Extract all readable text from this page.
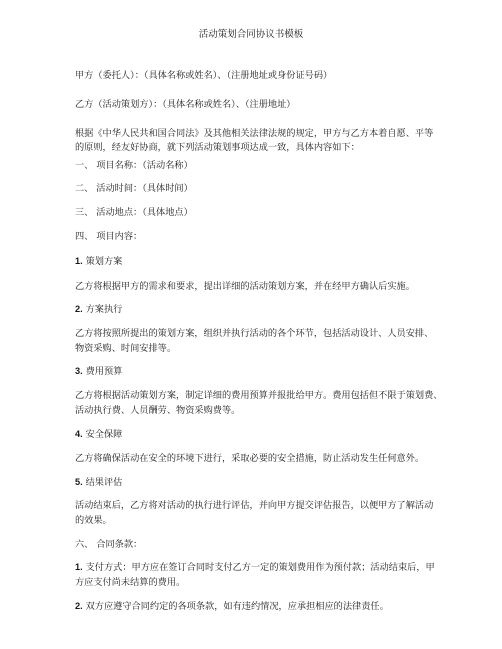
活动策划合同协议书模板
甲方（委托人）：（具体名称或姓名）、（注册地址或身份证号码）
乙方（活动策划方）：（具体名称或姓名）、（注册地址）
根据《中华人民共和国合同法》及其他相关法律法规的规定，甲方与乙方本着自愿、平等
的原则，经友好协商，就下列活动策划事项达成一致，具体内容如下：
一、 项目名称：（活动名称）
二、 活动时间：（具体时间）
三、 活动地点：（具体地点）
四、 项目内容：
1. 策划方案
乙方将根据甲方的需求和要求，提出详细的活动策划方案，并在经甲方确认后实施。
2. 方案执行
乙方将按照所提出的策划方案，组织并执行活动的各个环节，包括活动设计、人员安排、
物资采购、时间安排等。
3. 费用预算
乙方将根据活动策划方案，制定详细的费用预算并报批给甲方。费用包括但不限于策划费、
活动执行费、人员酬劳、物资采购费等。
4. 安全保障
乙方将确保活动在安全的环境下进行，采取必要的安全措施，防止活动发生任何意外。
5. 结果评估
活动结束后，乙方将对活动的执行进行评估，并向甲方提交评估报告，以便甲方了解活动
的效果。
六、 合同条款：
1. 支付方式：甲方应在签订合同时支付乙方一定的策划费用作为预付款；活动结束后，甲
方应支付尚未结算的费用。
2. 双方应遵守合同约定的各项条款，如有违约情况，应承担相应的法律责任。
